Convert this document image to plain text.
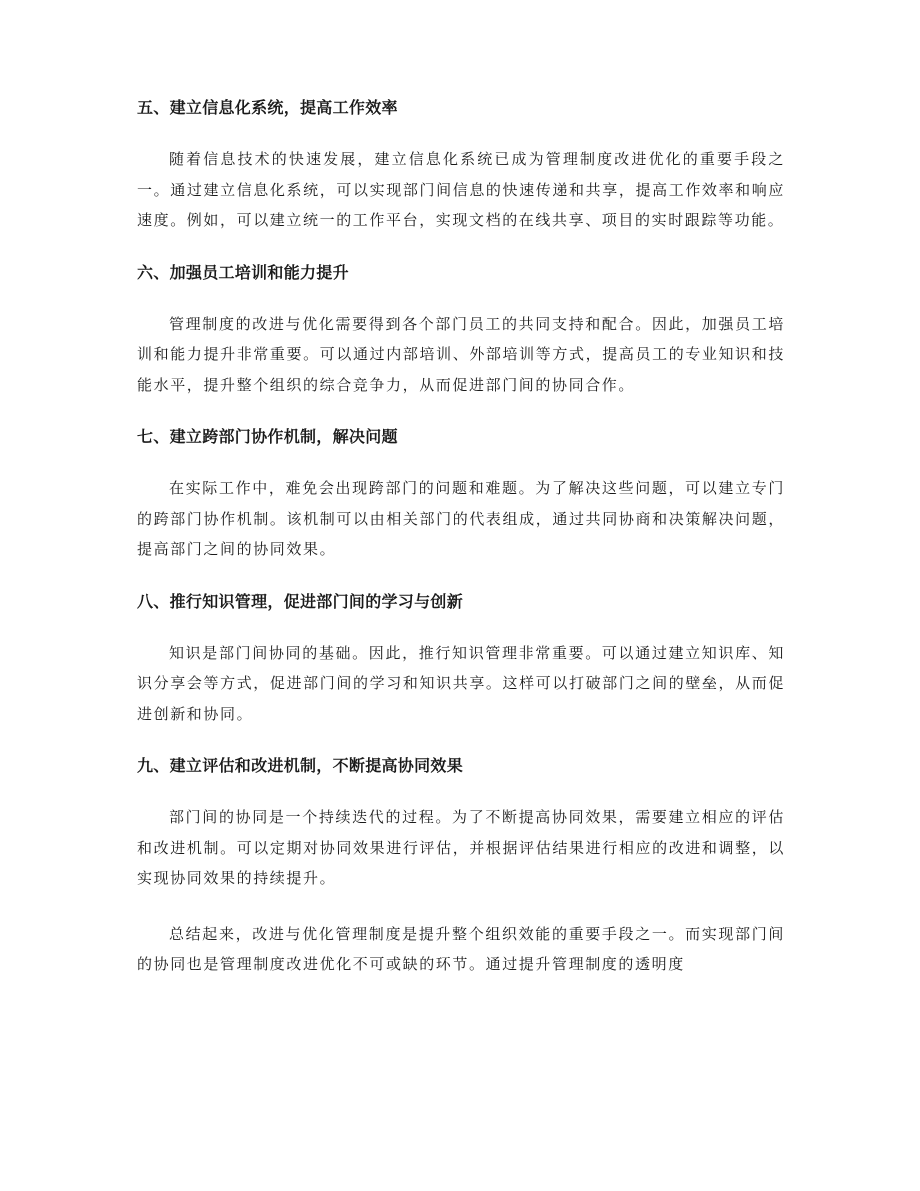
五、建立信息化系统，提高工作效率

随着信息技术的快速发展，建立信息化系统已成为管理制度改进优化的重要手段之一。通过建立信息化系统，可以实现部门间信息的快速传递和共享，提高工作效率和响应速度。例如，可以建立统一的工作平台，实现文档的在线共享、项目的实时跟踪等功能。

六、加强员工培训和能力提升

管理制度的改进与优化需要得到各个部门员工的共同支持和配合。因此，加强员工培训和能力提升非常重要。可以通过内部培训、外部培训等方式，提高员工的专业知识和技能水平，提升整个组织的综合竞争力，从而促进部门间的协同合作。

七、建立跨部门协作机制，解决问题

在实际工作中，难免会出现跨部门的问题和难题。为了解决这些问题，可以建立专门的跨部门协作机制。该机制可以由相关部门的代表组成，通过共同协商和决策解决问题，提高部门之间的协同效果。

八、推行知识管理，促进部门间的学习与创新

知识是部门间协同的基础。因此，推行知识管理非常重要。可以通过建立知识库、知识分享会等方式，促进部门间的学习和知识共享。这样可以打破部门之间的壁垒，从而促进创新和协同。

九、建立评估和改进机制，不断提高协同效果

部门间的协同是一个持续迭代的过程。为了不断提高协同效果，需要建立相应的评估和改进机制。可以定期对协同效果进行评估，并根据评估结果进行相应的改进和调整，以实现协同效果的持续提升。

总结起来，改进与优化管理制度是提升整个组织效能的重要手段之一。而实现部门间的协同也是管理制度改进优化不可或缺的环节。通过提升管理制度的透明度
